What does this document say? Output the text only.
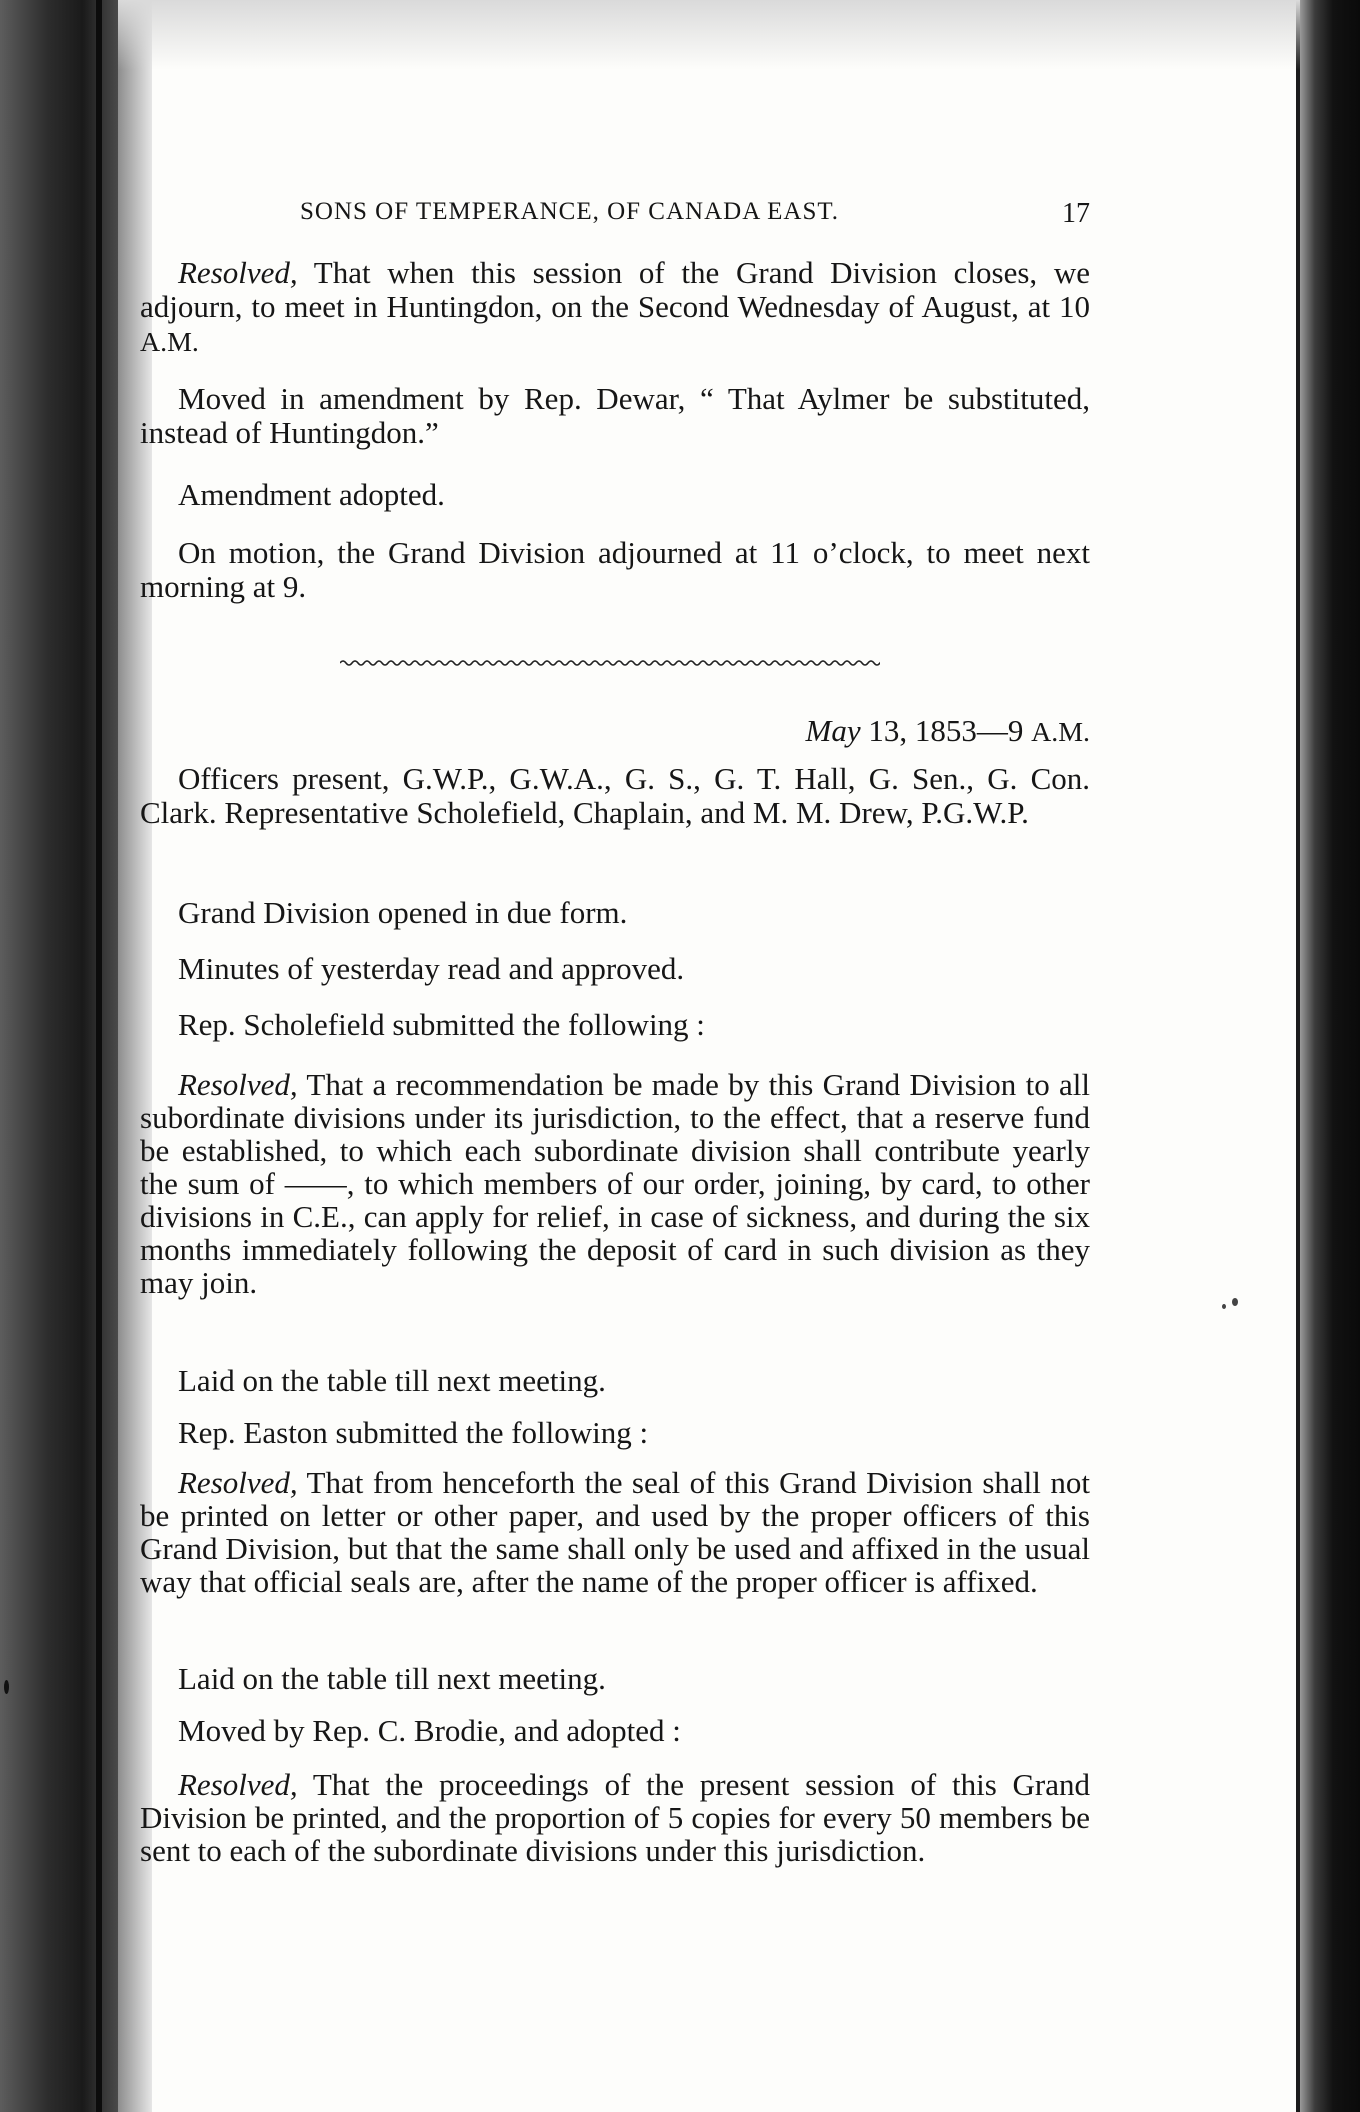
SONS OF TEMPERANCE, OF CANADA EAST.	17

Resolved, That when this session of the Grand Division closes, we adjourn, to meet in Huntingdon, on the Second Wednesday of August, at 10 A.M.

Moved in amendment by Rep. Dewar, “ That Aylmer be substituted, instead of Huntingdon.”

Amendment adopted.

On motion, the Grand Division adjourned at 11 o’clock, to meet next morning at 9.

May 13, 1853—9 A.M.

Officers present, G.W.P., G.W.A., G. S., G. T. Hall, G. Sen., G. Con. Clark. Representative Scholefield, Chaplain, and M. M. Drew, P.G.W.P.

Grand Division opened in due form.

Minutes of yesterday read and approved.

Rep. Scholefield submitted the following :

Resolved, That a recommendation be made by this Grand Division to all subordinate divisions under its jurisdiction, to the effect, that a reserve fund be established, to which each subordinate division shall contribute yearly the sum of ——, to which members of our order, joining, by card, to other divisions in C.E., can apply for relief, in case of sickness, and during the six months immediately following the deposit of card in such division as they may join.

Laid on the table till next meeting.

Rep. Easton submitted the following :

Resolved, That from henceforth the seal of this Grand Division shall not be printed on letter or other paper, and used by the proper officers of this Grand Division, but that the same shall only be used and affixed in the usual way that official seals are, after the name of the proper officer is affixed.

Laid on the table till next meeting.

Moved by Rep. C. Brodie, and adopted :

Resolved, That the proceedings of the present session of this Grand Division be printed, and the proportion of 5 copies for every 50 members be sent to each of the subordinate divisions under this jurisdiction.
